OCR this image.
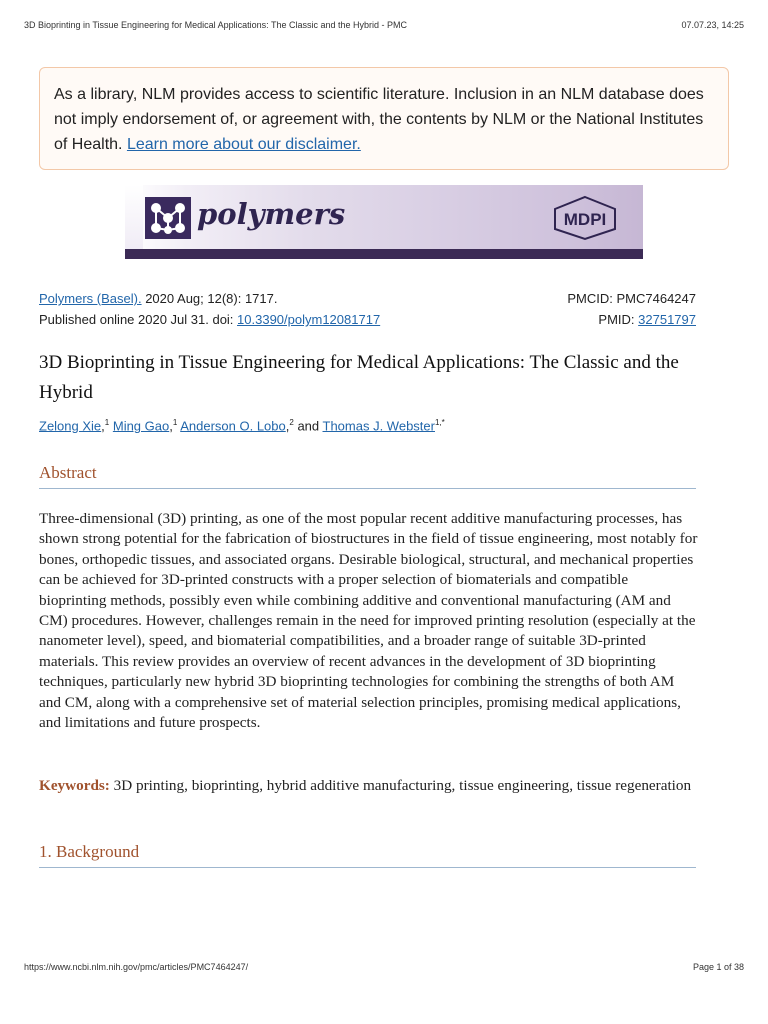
3D Bioprinting in Tissue Engineering for Medical Applications: The Classic and the Hybrid - PMC	07.07.23, 14:25
As a library, NLM provides access to scientific literature. Inclusion in an NLM database does not imply endorsement of, or agreement with, the contents by NLM or the National Institutes of Health. Learn more about our disclaimer.
polymers	MDPI
Polymers (Basel). 2020 Aug; 12(8): 1717.
Published online 2020 Jul 31. doi: 10.3390/polym12081717
PMCID: PMC7464247
PMID: 32751797
3D Bioprinting in Tissue Engineering for Medical Applications: The Classic and the Hybrid
Zelong Xie,$^1$ Ming Gao,$^1$ Anderson O. Lobo,$^2$ and Thomas J. Webster$^{1,*}$
Abstract

Three-dimensional (3D) printing, as one of the most popular recent additive manufacturing processes, has shown strong potential for the fabrication of biostructures in the field of tissue engineering, most notably for bones, orthopedic tissues, and associated organs. Desirable biological, structural, and mechanical properties can be achieved for 3D-printed constructs with a proper selection of biomaterials and compatible bioprinting methods, possibly even while combining additive and conventional manufacturing (AM and CM) procedures. However, challenges remain in the need for improved printing resolution (especially at the nanometer level), speed, and biomaterial compatibilities, and a broader range of suitable 3D-printed materials. This review provides an overview of recent advances in the development of 3D bioprinting techniques, particularly new hybrid 3D bioprinting technologies for combining the strengths of both AM and CM, along with a comprehensive set of material selection principles, promising medical applications, and limitations and future prospects.

Keywords: 3D printing, bioprinting, hybrid additive manufacturing, tissue engineering, tissue regeneration

1. Background
https://www.ncbi.nlm.nih.gov/pmc/articles/PMC7464247/	Page 1 of 38
